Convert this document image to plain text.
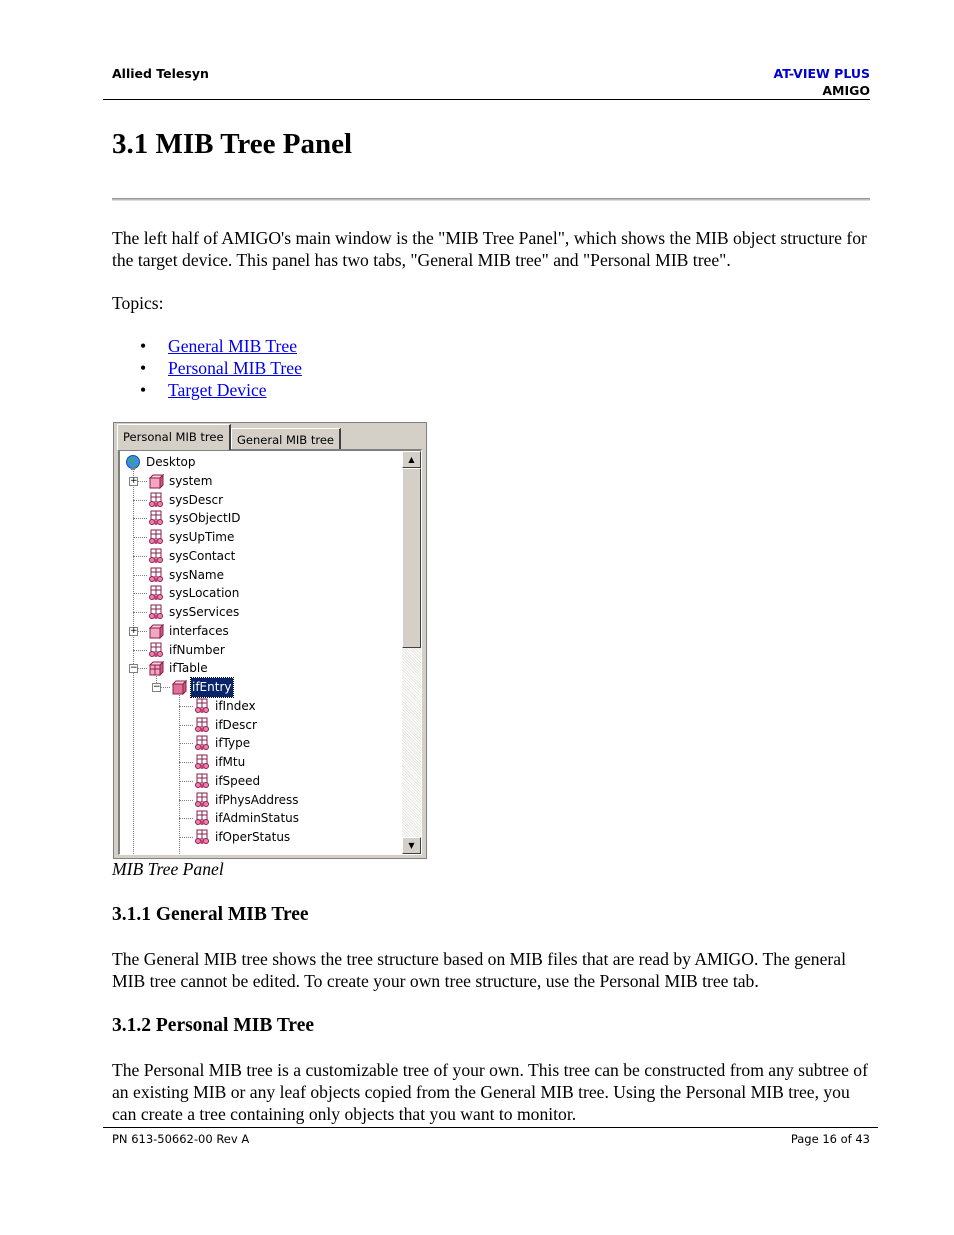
Allied Telesyn	AT-VIEW PLUS
AMIGO
3.1 MIB Tree Panel
The left half of AMIGO's main window is the "MIB Tree Panel", which shows the MIB object structure for the target device. This panel has two tabs, "General MIB tree" and "Personal MIB tree".
Topics:
• General MIB Tree
• Personal MIB Tree
• Target Device
Personal MIB tree	General MIB tree
Desktop
+	system
sysDescr
sysObjectID
sysUpTime
sysContact
sysName
sysLocation
sysServices
+	interfaces
ifNumber
−	ifTable
−	ifEntry
ifIndex
ifDescr
ifType
ifMtu
ifSpeed
ifPhysAddress
ifAdminStatus
ifOperStatus
▲
▼
MIB Tree Panel
3.1.1 General MIB Tree
The General MIB tree shows the tree structure based on MIB files that are read by AMIGO. The general MIB tree cannot be edited. To create your own tree structure, use the Personal MIB tree tab.
3.1.2 Personal MIB Tree
The Personal MIB tree is a customizable tree of your own. This tree can be constructed from any subtree of an existing MIB or any leaf objects copied from the General MIB tree. Using the Personal MIB tree, you can create a tree containing only objects that you want to monitor.
PN 613-50662-00 Rev A	Page 16 of 43
